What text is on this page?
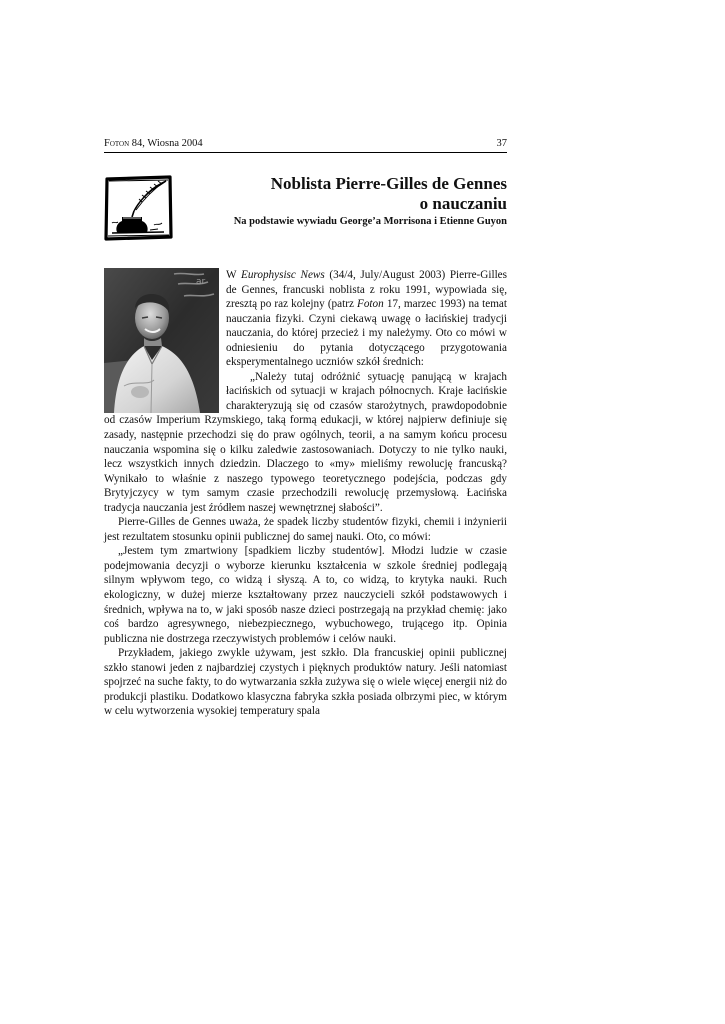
Foton 84, Wiosna 2004	37
Noblista Pierre-Gilles de Gennes
o nauczaniu
Na podstawie wywiadu George’a Morrisona i Etienne Guyon
ar

W Europhysisc News (34/4, July/August 2003) Pierre-Gilles de Gennes, francuski noblista z roku 1991, wypowiada się, zresztą po raz kolejny (patrz Foton 17, marzec 1993) na temat nauczania fizyki. Czyni ciekawą uwagę o łacińskiej tradycji nauczania, do której przecież i my należymy. Oto co mówi w odniesieniu do pytania dotyczącego przygotowania eksperymentalnego uczniów szkół średnich:

„Należy tutaj odróżnić sytuację panującą w krajach łacińskich od sytuacji w krajach północnych. Kraje łacińskie charakteryzują się od czasów starożytnych, prawdopodobnie od czasów Imperium Rzymskiego, taką formą edukacji, w której najpierw definiuje się zasady, następnie przechodzi się do praw ogólnych, teorii, a na samym końcu procesu nauczania wspomina się o kilku zaledwie zastosowaniach. Dotyczy to nie tylko nauki, lecz wszystkich innych dziedzin. Dlaczego to «my» mieliśmy rewolucję francuską? Wynikało to właśnie z naszego typowego teoretycznego podejścia, podczas gdy Brytyjczycy w tym samym czasie przechodzili rewolucję przemysłową. Łacińska tradycja nauczania jest źródłem naszej wewnętrznej słabości”.

Pierre-Gilles de Gennes uważa, że spadek liczby studentów fizyki, chemii i inżynierii jest rezultatem stosunku opinii publicznej do samej nauki. Oto, co mówi:

„Jestem tym zmartwiony [spadkiem liczby studentów]. Młodzi ludzie w czasie podejmowania decyzji o wyborze kierunku kształcenia w szkole średniej podlegają silnym wpływom tego, co widzą i słyszą. A to, co widzą, to krytyka nauki. Ruch ekologiczny, w dużej mierze kształtowany przez nauczycieli szkół podstawowych i średnich, wpływa na to, w jaki sposób nasze dzieci postrzegają na przykład chemię: jako coś bardzo agresywnego, niebezpiecznego, wybuchowego, trującego itp. Opinia publiczna nie dostrzega rzeczywistych problemów i celów nauki.

Przykładem, jakiego zwykle używam, jest szkło. Dla francuskiej opinii publicznej szkło stanowi jeden z najbardziej czystych i pięknych produktów natury. Jeśli natomiast spojrzeć na suche fakty, to do wytwarzania szkła zużywa się o wiele więcej energii niż do produkcji plastiku. Dodatkowo klasyczna fabryka szkła posiada olbrzymi piec, w którym w celu wytworzenia wysokiej temperatury spala
